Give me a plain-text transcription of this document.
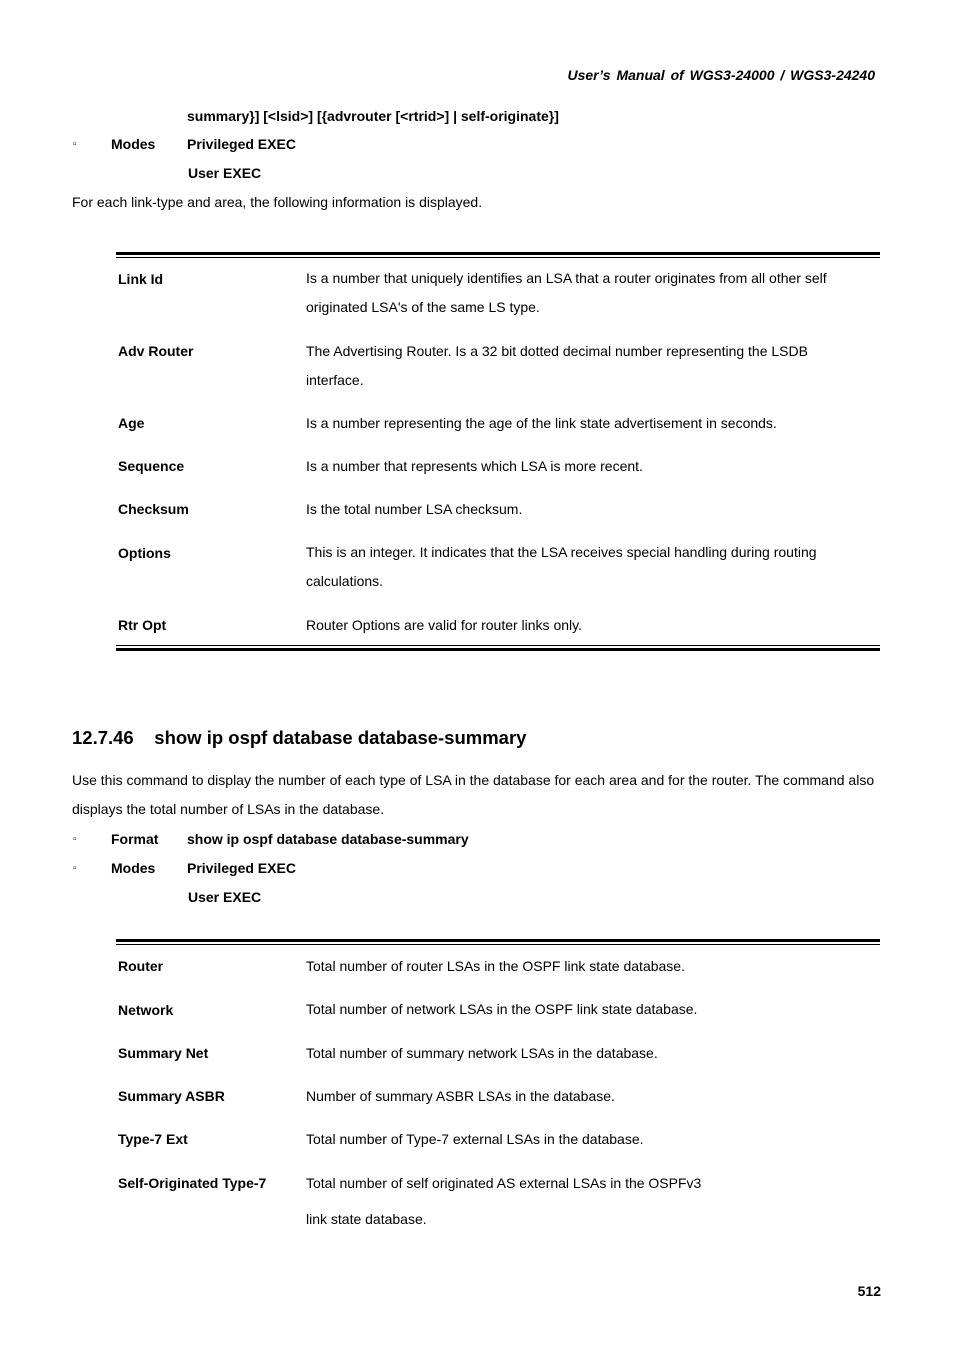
User’s Manual of WGS3-24000 / WGS3-24240
summary}] [<lsid>] [{advrouter [<rtrid>] | self-originate}]
▫ Modes Privileged EXEC
User EXEC
For each link-type and area, the following information is displayed.
Link Id	Is a number that uniquely identifies an LSA that a router originates from all other self originated LSA's of the same LS type.
Adv Router	The Advertising Router. Is a 32 bit dotted decimal number representing the LSDB interface.
Age	Is a number representing the age of the link state advertisement in seconds.
Sequence	Is a number that represents which LSA is more recent.
Checksum	Is the total number LSA checksum.
Options	This is an integer. It indicates that the LSA receives special handling during routing calculations.
Rtr Opt	Router Options are valid for router links only.
12.7.46    show ip ospf database database-summary
Use this command to display the number of each type of LSA in the database for each area and for the router. The command also displays the total number of LSAs in the database.
▫ Format show ip ospf database database-summary
▫ Modes Privileged EXEC
User EXEC
Router	Total number of router LSAs in the OSPF link state database.
Network	Total number of network LSAs in the OSPF link state database.
Summary Net	Total number of summary network LSAs in the database.
Summary ASBR	Number of summary ASBR LSAs in the database.
Type-7 Ext	Total number of Type-7 external LSAs in the database.
Self-Originated Type-7	Total number of self originated AS external LSAs in the OSPFv3 link state database.
512
